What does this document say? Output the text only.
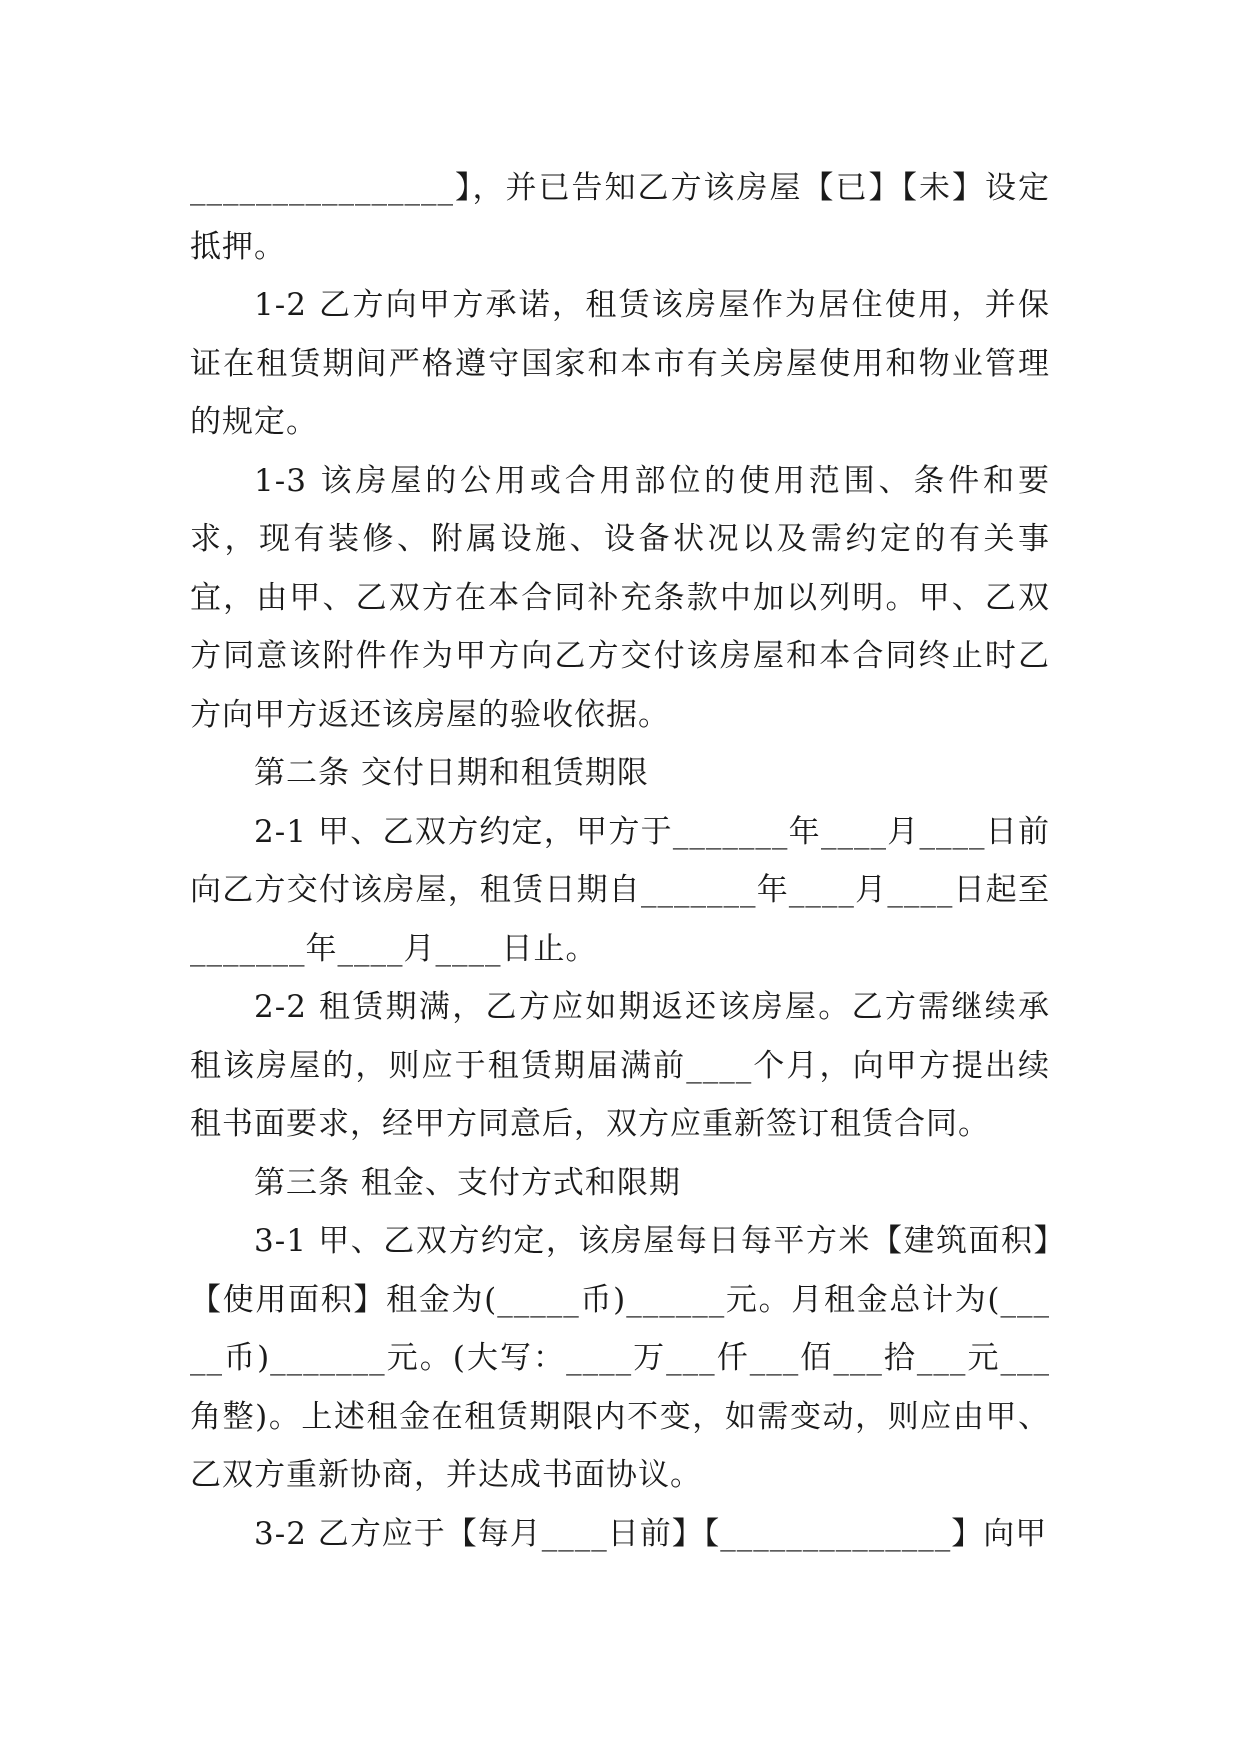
________________】，并已告知乙方该房屋【已】【未】设定抵押。

1-2 乙方向甲方承诺，租赁该房屋作为居住使用，并保证在租赁期间严格遵守国家和本市有关房屋使用和物业管理的规定。

1-3 该房屋的公用或合用部位的使用范围、条件和要求，现有装修、附属设施、设备状况以及需约定的有关事宜，由甲、乙双方在本合同补充条款中加以列明。甲、乙双方同意该附件作为甲方向乙方交付该房屋和本合同终止时乙方向甲方返还该房屋的验收依据。

第二条 交付日期和租赁期限

2-1 甲、乙双方约定，甲方于_______年____月____日前向乙方交付该房屋，租赁日期自_______年____月____日起至_______年____月____日止。

2-2 租赁期满，乙方应如期返还该房屋。乙方需继续承租该房屋的，则应于租赁期届满前____个月，向甲方提出续租书面要求，经甲方同意后，双方应重新签订租赁合同。

第三条 租金、支付方式和限期

3-1 甲、乙双方约定，该房屋每日每平方米【建筑面积】【使用面积】租金为(_____币)______元。月租金总计为(_____币)_______元。(大写：____万___仟___佰___拾___元___角整)。上述租金在租赁期限内不变，如需变动，则应由甲、乙双方重新协商，并达成书面协议。

3-2 乙方应于【每月____日前】【______________】向甲
